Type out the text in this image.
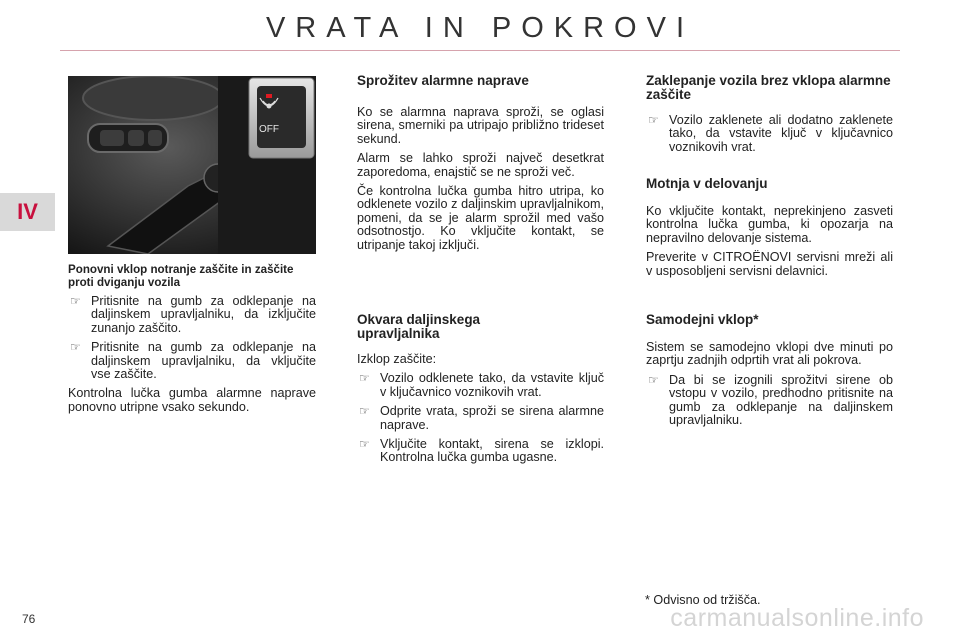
VRATA IN POKROVI
IV
OFF
Ponovni vklop notranje zaščite in zaščite proti dviganju vozila
☞ Pritisnite na gumb za odklepanje na daljinskem upravljalniku, da izključite zunanjo zaščito.
☞ Pritisnite na gumb za odklepanje na daljinskem upravljalniku, da vključite vse zaščite.

Kontrolna lučka gumba alarmne naprave ponovno utripne vsako sekundo.

Sprožitev alarmne naprave

Ko se alarmna naprava sproži, se oglasi sirena, smerniki pa utripajo približno trideset sekund.

Alarm se lahko sproži največ desetkrat zaporedoma, enajstič se ne sproži več.

Če kontrolna lučka gumba hitro utripa, ko odklenete vozilo z daljinskim upravljalnikom, pomeni, da se je alarm sprožil med vašo odsotnostjo. Ko vključite kontakt, se utripanje takoj izključi.

Okvara daljinskega upravljalnika

Izklop zaščite:

☞ Vozilo odklenete tako, da vstavite ključ v ključavnico voznikovih vrat.
☞ Odprite vrata, sproži se sirena alarmne naprave.
☞ Vključite kontakt, sirena se izklopi. Kontrolna lučka gumba ugasne.
Zaklepanje vozila brez vklopa alarmne zaščite
☞ Vozilo zaklenete ali dodatno zaklenete tako, da vstavite ključ v ključavnico voznikovih vrat.
Motnja v delovanju

Ko vključite kontakt, neprekinjeno zasveti kontrolna lučka gumba, ki opozarja na nepravilno delovanje sistema.

Preverite v CITROËNOVI servisni mreži ali v usposobljeni servisni delavnici.

Samodejni vklop*

Sistem se samodejno vklopi dve minuti po zaprtju zadnjih odprtih vrat ali pokrova.

☞ Da bi se izognili sprožitvi sirene ob vstopu v vozilo, predhodno pritisnite na gumb za odklepanje na daljinskem upravljalniku.
* Odvisno od tržišča.
76	carmanualsonline.info
